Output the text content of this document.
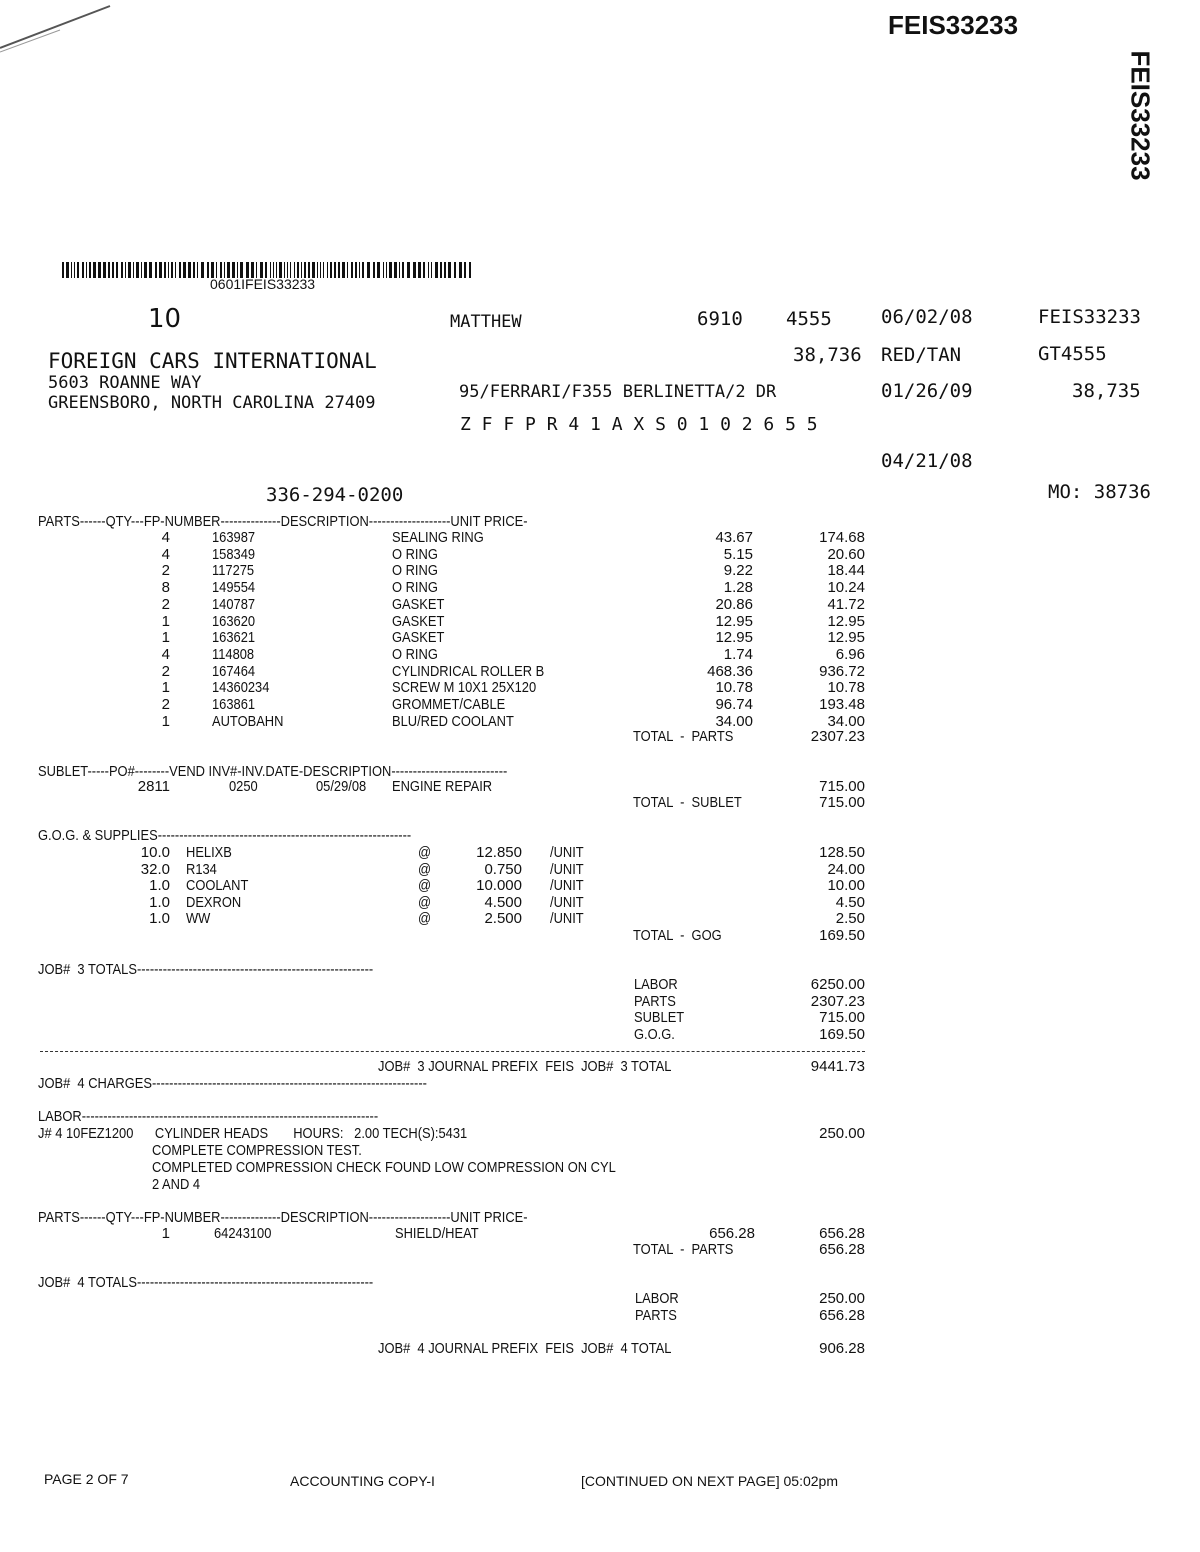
FEIS33233
FEIS33233
0601IFEIS33233
10	MATTHEW	6910 4555	06/02/08	FEIS33233
FOREIGN CARS INTERNATIONAL	38,736 RED/TAN	GT4555
5603 ROANNE WAY
GREENSBORO, NORTH CAROLINA 27409
95/FERRARI/F355 BERLINETTA/2 DR	01/26/09	38,735
Z F F P R 4 1 A X S 0 1 0 2 6 5 5
04/21/08
336-294-0200	MO: 38736
PARTS------QTY---FP-NUMBER--------------DESCRIPTION-------------------UNIT PRICE-
4	163987	SEALING RING	43.67	174.68
4	158349	O RING	5.15	20.60
2	117275	O RING	9.22	18.44
8	149554	O RING	1.28	10.24
2	140787	GASKET	20.86	41.72
1	163620	GASKET	12.95	12.95
1	163621	GASKET	12.95	12.95
4	114808	O RING	1.74	6.96
2	167464	CYLINDRICAL ROLLER B	468.36	936.72
1	14360234	SCREW M 10X1 25X120	10.78	10.78
2	163861	GROMMET/CABLE	96.74	193.48
1	AUTOBAHN	BLU/RED COOLANT	34.00	34.00
TOTAL  -  PARTS	2307.23
SUBLET-----PO#--------VEND INV#-INV.DATE-DESCRIPTION---------------------------
2811	0250	05/29/08 ENGINE REPAIR	715.00
TOTAL  -  SUBLET	715.00
G.O.G. & SUPPLIES-----------------------------------------------------------
10.0 HELIXB	@	12.850 /UNIT	128.50
32.0 R134	@	0.750 /UNIT	24.00
1.0 COOLANT	@	10.000 /UNIT	10.00
1.0 DEXRON	@	4.500 /UNIT	4.50
1.0 WW	@	2.500 /UNIT	2.50
TOTAL  -  GOG	169.50
JOB#  3 TOTALS-------------------------------------------------------
LABOR	6250.00
PARTS	2307.23
SUBLET	715.00
G.O.G.	169.50
JOB#  3 JOURNAL PREFIX  FEIS  JOB#  3 TOTAL	9441.73
JOB#  4 CHARGES----------------------------------------------------------------
LABOR---------------------------------------------------------------------
J# 4 10FEZ1200      CYLINDER HEADS       HOURS:   2.00 TECH(S):5431	250.00
COMPLETE COMPRESSION TEST.
COMPLETED COMPRESSION CHECK FOUND LOW COMPRESSION ON CYL
2 AND 4
PARTS------QTY---FP-NUMBER--------------DESCRIPTION-------------------UNIT PRICE-
1	64243100	SHIELD/HEAT	656.28	656.28
TOTAL  -  PARTS	656.28
JOB#  4 TOTALS-------------------------------------------------------
LABOR	250.00
PARTS	656.28
JOB#  4 JOURNAL PREFIX  FEIS  JOB#  4 TOTAL	906.28
PAGE 2 OF 7	ACCOUNTING COPY-I	[CONTINUED ON NEXT PAGE] 05:02pm
